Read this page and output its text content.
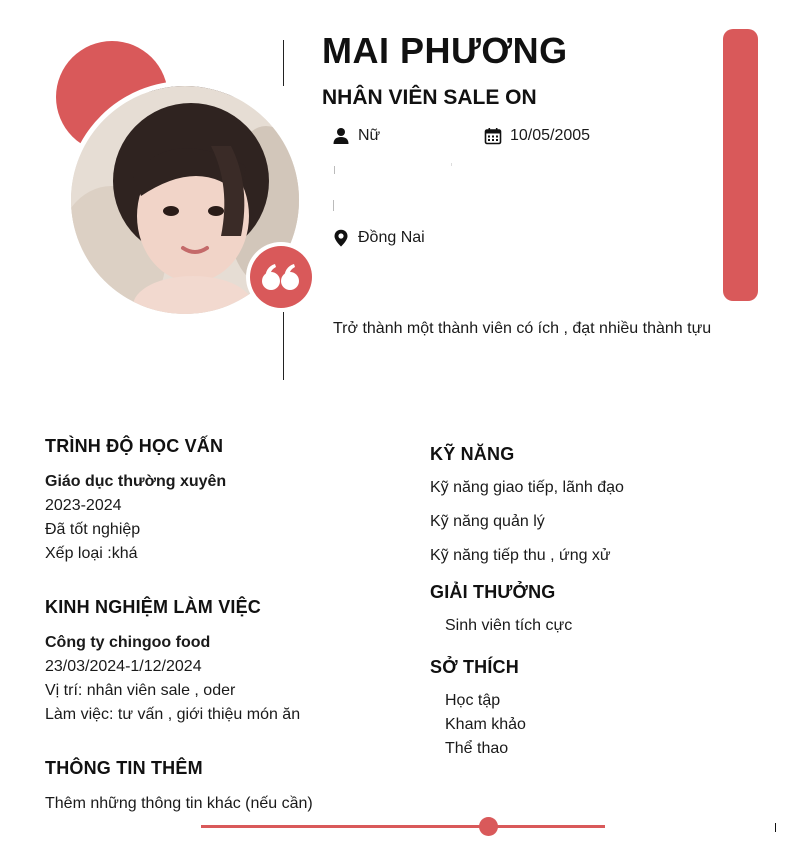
MAI PHƯƠNG
NHÂN VIÊN SALE ON
Nữ	10/05/2005
Đồng Nai
Trở thành một thành viên có ích , đạt nhiều thành tựu
TRÌNH ĐỘ HỌC VẤN
Giáo dục thường xuyên
2023-2024
Đã tốt nghiệp
Xếp loại :khá
KINH NGHIỆM LÀM VIỆC
Công ty chingoo food
23/03/2024-1/12/2024
Vị trí: nhân viên sale , oder
Làm việc: tư vấn , giới thiệu món ăn
THÔNG TIN THÊM
Thêm những thông tin khác (nếu cần)
KỸ NĂNG
Kỹ năng giao tiếp, lãnh đạo
Kỹ năng quản lý
Kỹ năng tiếp thu , ứng xử
GIẢI THƯỞNG
Sinh viên tích cực
SỞ THÍCH
Học tập
Kham khảo
Thể thao
